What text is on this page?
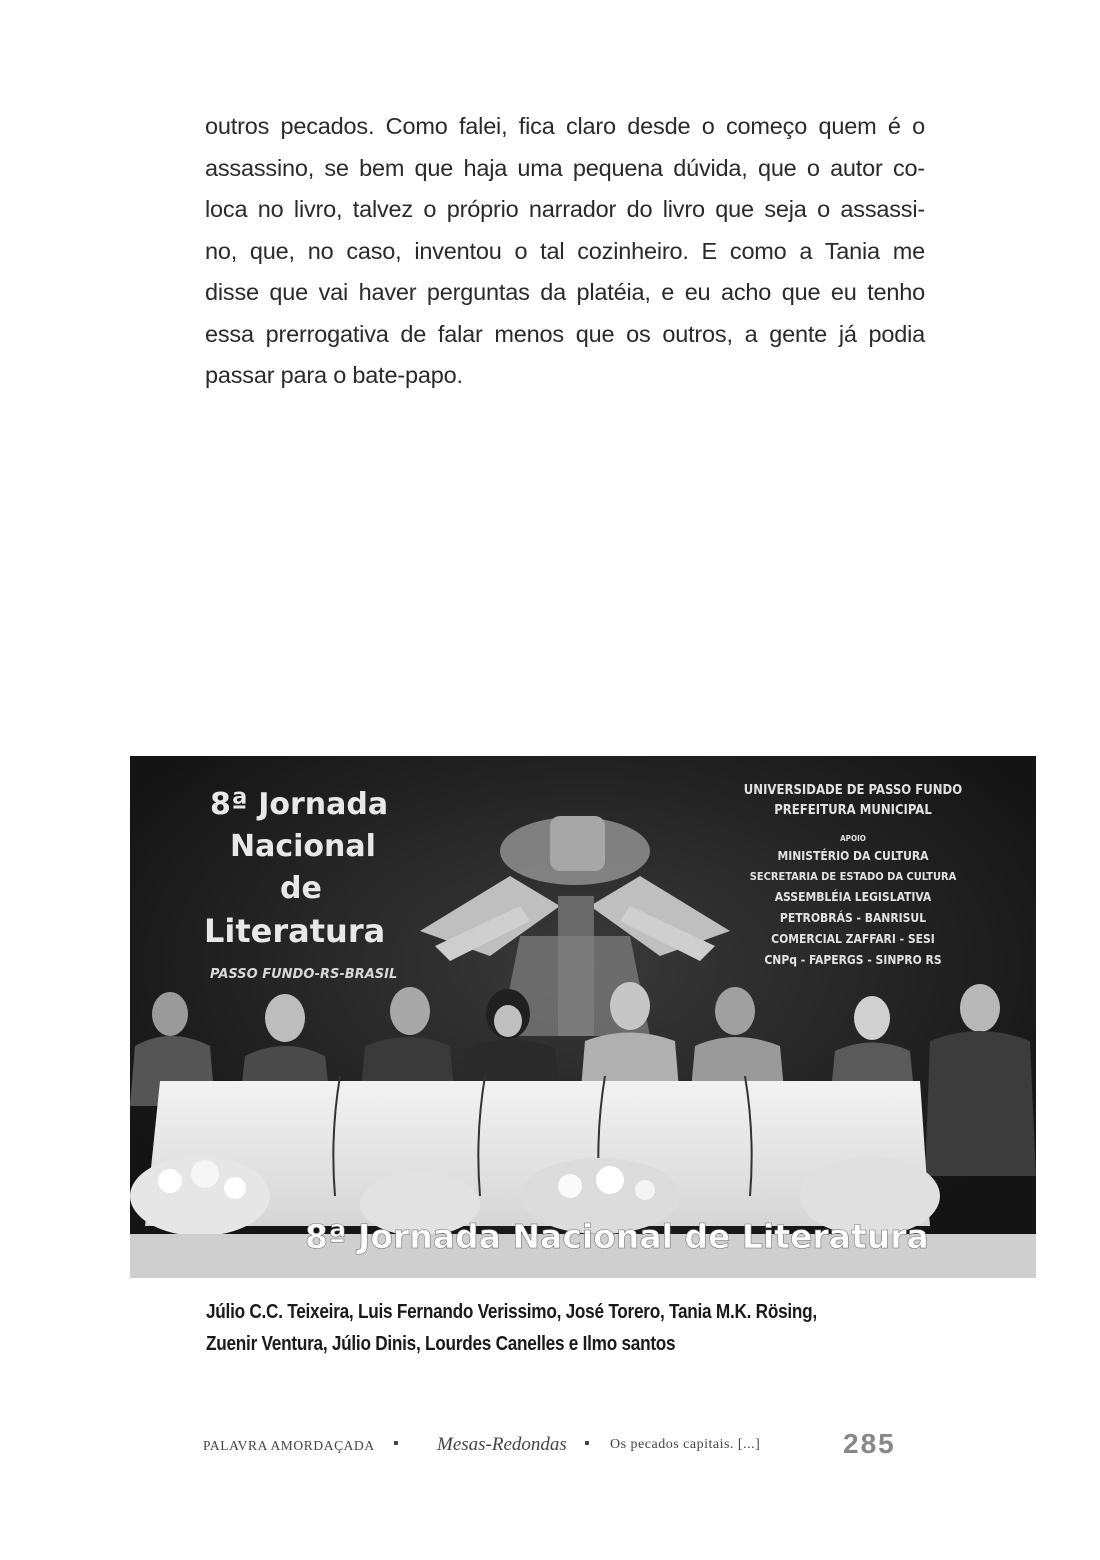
outros pecados. Como falei, fica claro desde o começo quem é o
assassino, se bem que haja uma pequena dúvida, que o autor co-
loca no livro, talvez o próprio narrador do livro que seja o assassi-
no, que, no caso, inventou o tal cozinheiro. E como a Tania me
disse que vai haver perguntas da platéia, e eu acho que eu tenho
essa prerrogativa de falar menos que os outros, a gente já podia
passar para o bate-papo.
8ª Jornada
Nacional
de
Literatura
PASSO FUNDO-RS-BRASIL
UNIVERSIDADE DE PASSO FUNDO
PREFEITURA MUNICIPAL
APOIO
MINISTÉRIO DA CULTURA
SECRETARIA DE ESTADO DA CULTURA
ASSEMBLÉIA LEGISLATIVA
PETROBRÁS - BANRISUL
COMERCIAL ZAFFARI - SESI
CNPq - FAPERGS - SINPRO RS
8ª Jornada Nacional de Literatura
Júlio C.C. Teixeira, Luis Fernando Verissimo, José Torero, Tania M.K. Rösing,
Zuenir Ventura, Júlio Dinis, Lourdes Canelles e Ilmo santos
PALAVRA AMORDAÇADA ▪ Mesas-Redondas ▪ Os pecados capitais. [...]	285
